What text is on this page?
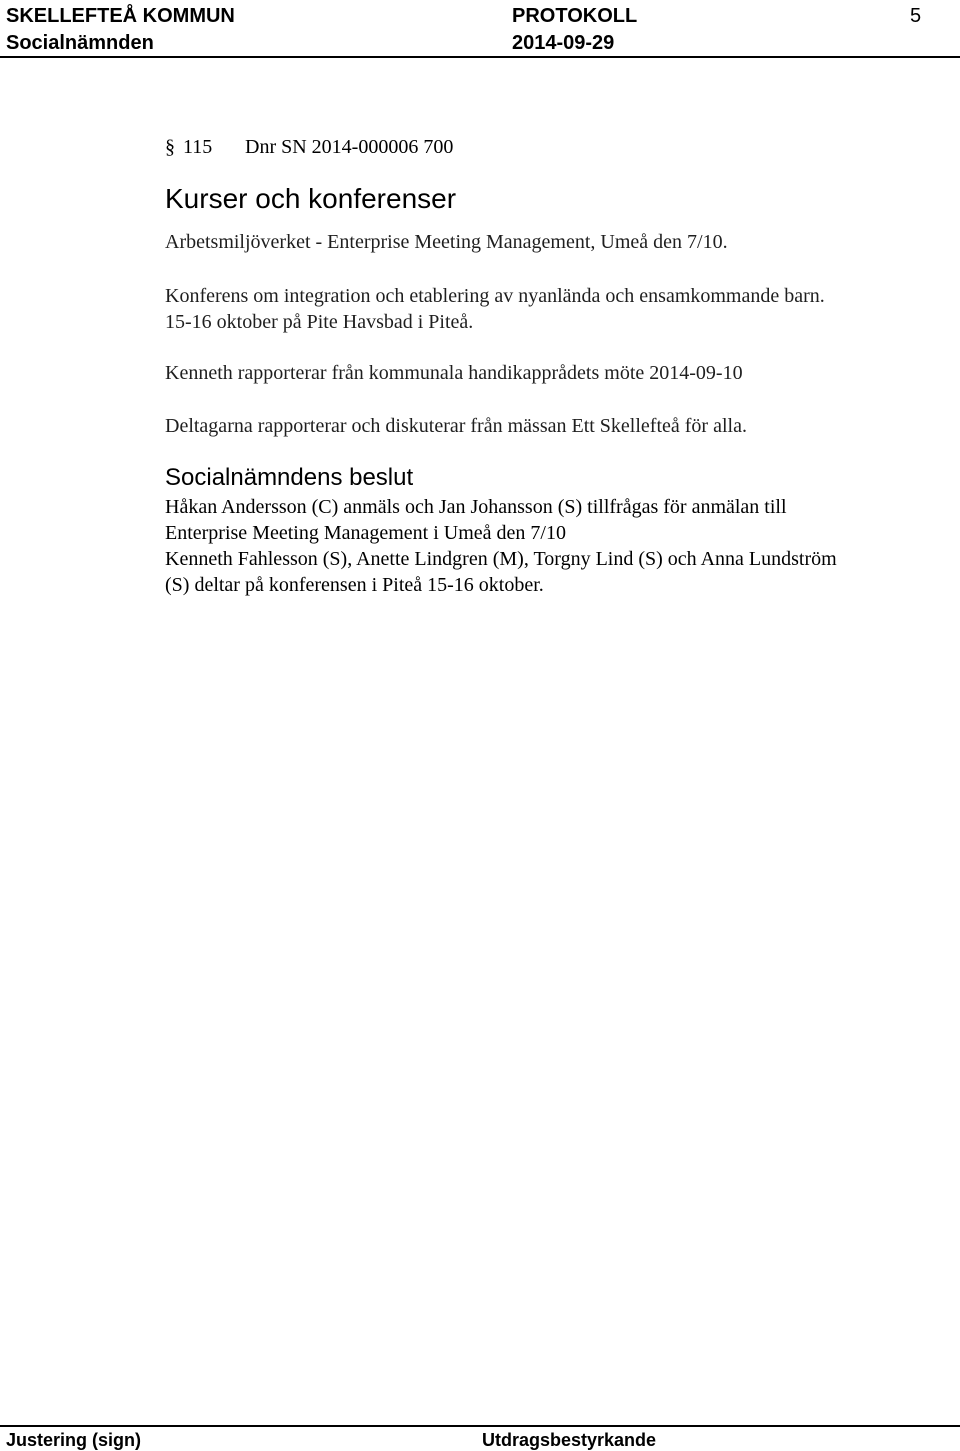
SKELLEFTEÅ KOMMUN	PROTOKOLL	5
Socialnämnden	2014-09-29
§ 115 Dnr SN 2014-000006 700
Kurser och konferenser
Arbetsmiljöverket - Enterprise Meeting Management, Umeå den 7/10.
Konferens om integration och etablering av nyanlända och ensamkommande barn.
15-16 oktober på Pite Havsbad i Piteå.
Kenneth rapporterar från kommunala handikapprådets möte 2014-09-10
Deltagarna rapporterar och diskuterar från mässan Ett Skellefteå för alla.
Socialnämndens beslut
Håkan Andersson (C) anmäls och Jan Johansson (S) tillfrågas för anmälan till
Enterprise Meeting Management i Umeå den 7/10
Kenneth Fahlesson (S), Anette Lindgren (M), Torgny Lind (S) och Anna Lundström
(S) deltar på konferensen i Piteå 15-16 oktober.
Justering (sign)	Utdragsbestyrkande
